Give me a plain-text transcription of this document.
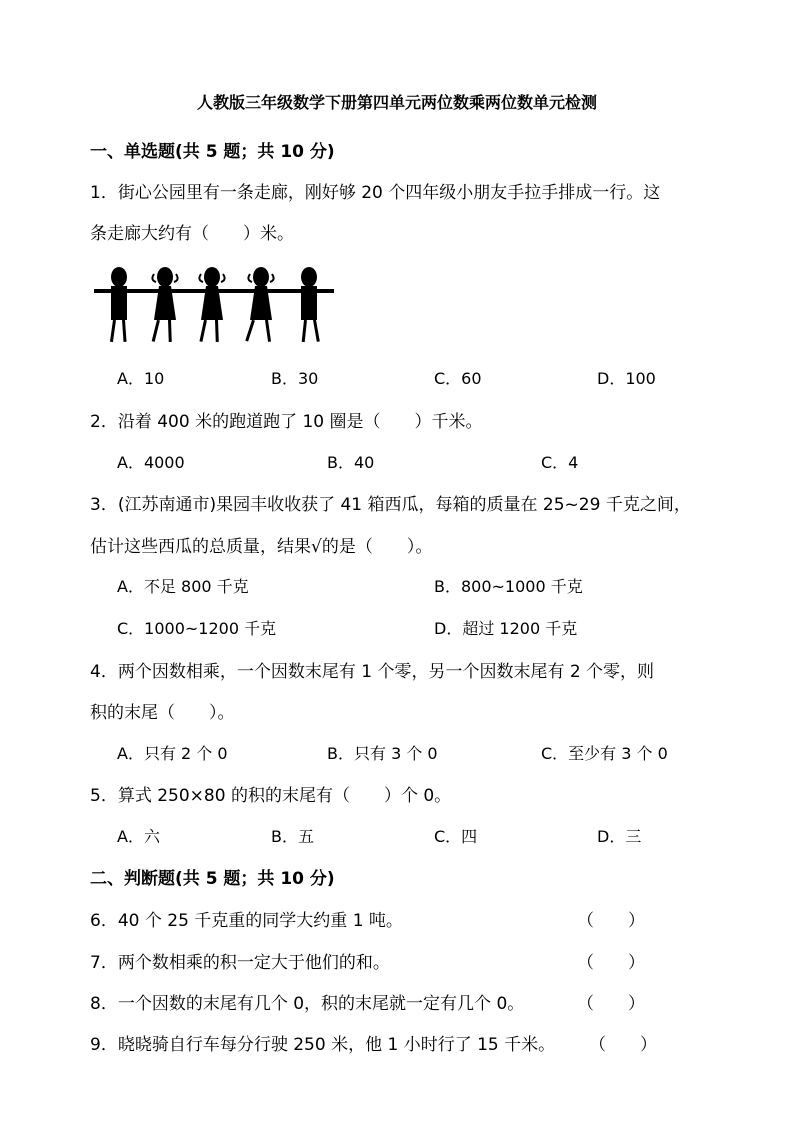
人教版三年级数学下册第四单元两位数乘两位数单元检测
一、单选题(共 5 题；共 10 分)
1．街心公园里有一条走廊，刚好够 20 个四年级小朋友手拉手排成一行。这
条走廊大约有（　　）米。
A．10	B．30	C．60	D．100
2．沿着 400 米的跑道跑了 10 圈是（　　）千米。
A．4000	B．40	C．4
3．(江苏南通市)果园丰收收获了 41 箱西瓜，每箱的质量在 25~29 千克之间，
估计这些西瓜的总质量，结果√的是（　　）。
A．不足 800 千克	B．800~1000 千克
C．1000~1200 千克	D．超过 1200 千克
4．两个因数相乘，一个因数末尾有 1 个零，另一个因数末尾有 2 个零，则
积的末尾（　　）。
A．只有 2 个 0	B．只有 3 个 0	C．至少有 3 个 0
5．算式 250×80 的积的末尾有（　　）个 0。
A．六	B．五	C．四	D．三
二、判断题(共 5 题；共 10 分)
6．40 个 25 千克重的同学大约重 1 吨。	（　　）
7．两个数相乘的积一定大于他们的和。	（　　）
8．一个因数的末尾有几个 0，积的末尾就一定有几个 0。	（　　）
9．晓晓骑自行车每分行驶 250 米，他 1 小时行了 15 千米。 （　　）
